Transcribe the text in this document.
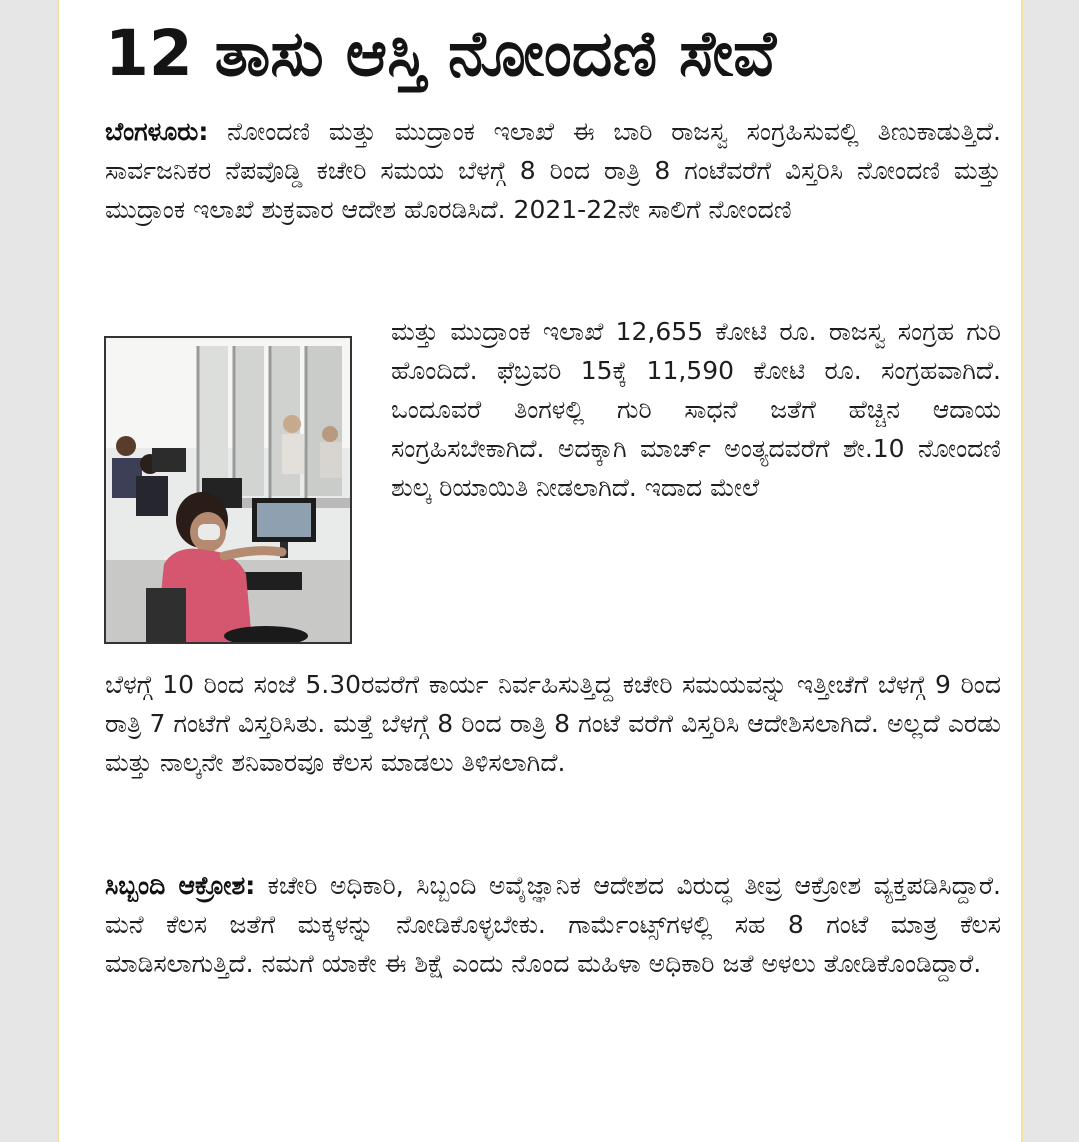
12 ತಾಸು ಆಸ್ತಿ ನೋಂದಣಿ ಸೇವೆ
ಬೆಂಗಳೂರು: ನೋಂದಣಿ ಮತ್ತು ಮುದ್ರಾಂಕ ಇಲಾಖೆ ಈ ಬಾರಿ ರಾಜಸ್ವ ಸಂಗ್ರಹಿಸುವಲ್ಲಿ ತಿಣುಕಾಡುತ್ತಿದೆ. ಸಾರ್ವಜನಿಕರ ನೆಪವೊಡ್ಡಿ ಕಚೇರಿ ಸಮಯ ಬೆಳಗ್ಗೆ 8 ರಿಂದ ರಾತ್ರಿ 8 ಗಂಟೆವರೆಗೆ ವಿಸ್ತರಿಸಿ ನೋಂದಣಿ ಮತ್ತು ಮುದ್ರಾಂಕ ಇಲಾಖೆ ಶುಕ್ರವಾರ ಆದೇಶ ಹೊರಡಿಸಿದೆ. 2021-22ನೇ ಸಾಲಿಗೆ ನೋಂದಣಿ
ಮತ್ತು ಮುದ್ರಾಂಕ ಇಲಾಖೆ 12,655 ಕೋಟಿ ರೂ. ರಾಜಸ್ವ ಸಂಗ್ರಹ ಗುರಿ ಹೊಂದಿದೆ. ಫೆಬ್ರವರಿ 15ಕ್ಕೆ 11,590 ಕೋಟಿ ರೂ. ಸಂಗ್ರಹವಾಗಿದೆ. ಒಂದೂವರೆ ತಿಂಗಳಲ್ಲಿ ಗುರಿ ಸಾಧನೆ ಜತೆಗೆ ಹೆಚ್ಚಿನ ಆದಾಯ ಸಂಗ್ರಹಿಸಬೇಕಾಗಿದೆ. ಅದಕ್ಕಾಗಿ ಮಾರ್ಚ್ ಅಂತ್ಯದವರೆಗೆ ಶೇ.10 ನೋಂದಣಿ ಶುಲ್ಕ ರಿಯಾಯಿತಿ ನೀಡಲಾಗಿದೆ. ಇದಾದ ಮೇಲೆ
ಬೆಳಗ್ಗೆ 10 ರಿಂದ ಸಂಜೆ 5.30ರವರೆಗೆ ಕಾರ್ಯ ನಿರ್ವಹಿಸುತ್ತಿದ್ದ ಕಚೇರಿ ಸಮಯವನ್ನು ಇತ್ತೀಚೆಗೆ ಬೆಳಗ್ಗೆ 9 ರಿಂದ ರಾತ್ರಿ 7 ಗಂಟೆಗೆ ವಿಸ್ತರಿಸಿತು. ಮತ್ತೆ ಬೆಳಗ್ಗೆ 8 ರಿಂದ ರಾತ್ರಿ 8 ಗಂಟೆ ವರೆಗೆ ವಿಸ್ತರಿಸಿ ಆದೇಶಿಸಲಾಗಿದೆ. ಅಲ್ಲದೆ ಎರಡು ಮತ್ತು ನಾಲ್ಕನೇ ಶನಿವಾರವೂ ಕೆಲಸ ಮಾಡಲು ತಿಳಿಸಲಾಗಿದೆ.
ಸಿಬ್ಬಂದಿ ಆಕ್ರೋಶ: ಕಚೇರಿ ಅಧಿಕಾರಿ, ಸಿಬ್ಬಂದಿ ಅವೈಜ್ಞಾನಿಕ ಆದೇಶದ ವಿರುದ್ಧ ತೀವ್ರ ಆಕ್ರೋಶ ವ್ಯಕ್ತಪಡಿಸಿದ್ದಾರೆ. ಮನೆ ಕೆಲಸ ಜತೆಗೆ ಮಕ್ಕಳನ್ನು ನೋಡಿಕೊಳ್ಳಬೇಕು. ಗಾರ್ಮೆಂಟ್ಸ್‌ಗಳಲ್ಲಿ ಸಹ 8 ಗಂಟೆ ಮಾತ್ರ ಕೆಲಸ ಮಾಡಿಸಲಾಗುತ್ತಿದೆ. ನಮಗೆ ಯಾಕೇ ಈ ಶಿಕ್ಷೆ ಎಂದು ನೊಂದ ಮಹಿಳಾ ಅಧಿಕಾರಿ ಜತೆ ಅಳಲು ತೋಡಿಕೊಂಡಿದ್ದಾರೆ.
